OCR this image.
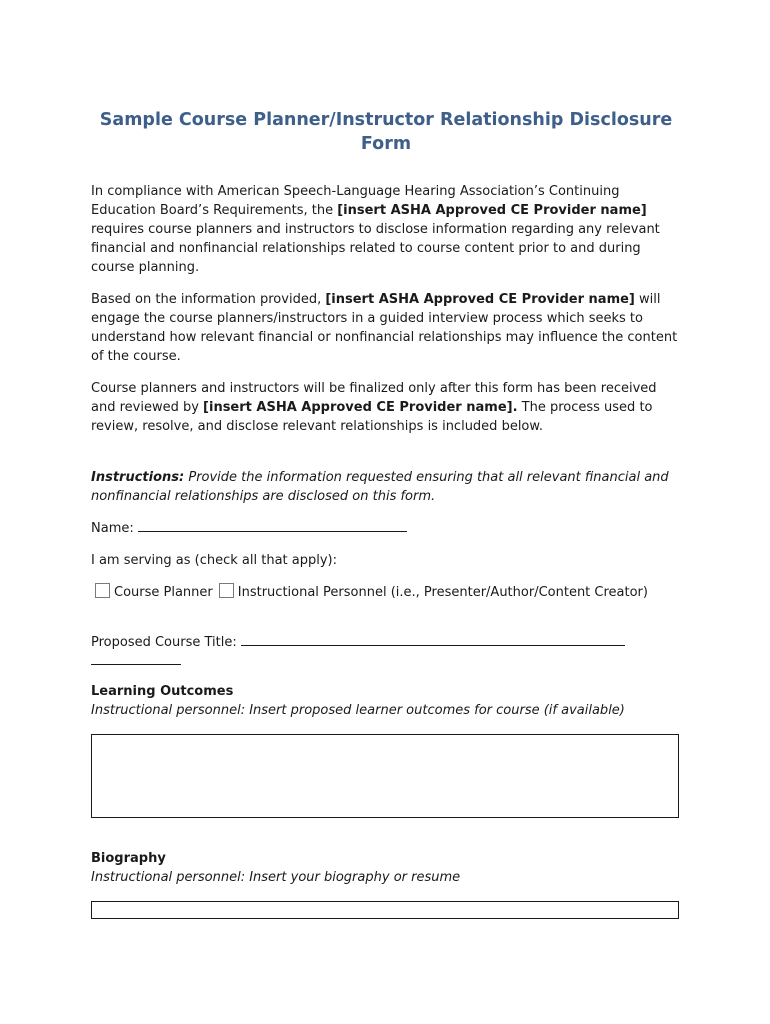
Sample Course Planner/Instructor Relationship Disclosure Form

In compliance with American Speech-Language Hearing Association’s Continuing Education Board’s Requirements, the [insert ASHA Approved CE Provider name] requires course planners and instructors to disclose information regarding any relevant financial and nonfinancial relationships related to course content prior to and during course planning.

Based on the information provided, [insert ASHA Approved CE Provider name] will engage the course planners/instructors in a guided interview process which seeks to understand how relevant financial or nonfinancial relationships may influence the content of the course.

Course planners and instructors will be finalized only after this form has been received and reviewed by [insert ASHA Approved CE Provider name]. The process used to review, resolve, and disclose relevant relationships is included below.

Instructions: Provide the information requested ensuring that all relevant financial and nonfinancial relationships are disclosed on this form.

Name:

I am serving as (check all that apply):

Course Planner Instructional Personnel (i.e., Presenter/Author/Content Creator)

Proposed Course Title:

Learning Outcomes
Instructional personnel: Insert proposed learner outcomes for course (if available)

Biography
Instructional personnel: Insert your biography or resume
